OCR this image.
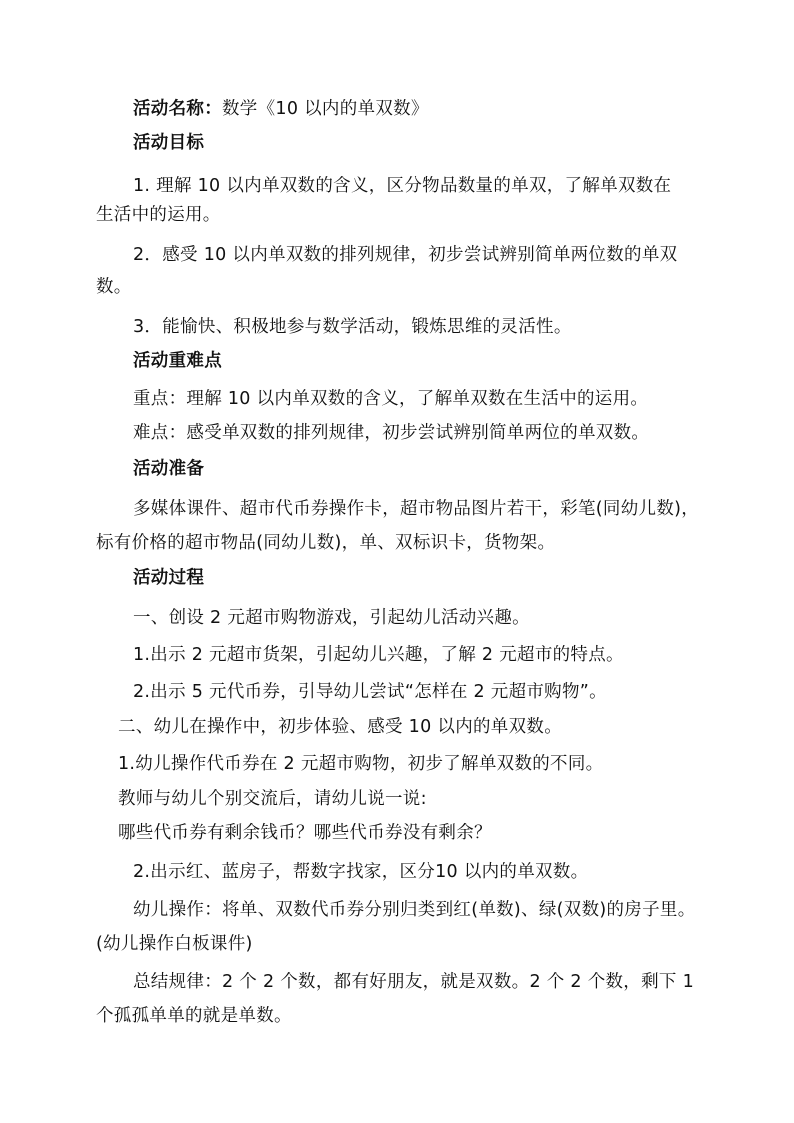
活动名称：数学《10 以内的单双数》

活动目标

1. 理解 10 以内单双数的含义，区分物品数量的单双，了解单双数在

生活中的运用。

2．感受 10 以内单双数的排列规律，初步尝试辨别简单两位数的单双

数。

3．能愉快、积极地参与数学活动，锻炼思维的灵活性。

活动重难点

重点：理解 10 以内单双数的含义，了解单双数在生活中的运用。

难点：感受单双数的排列规律，初步尝试辨别简单两位的单双数。

活动准备

多媒体课件、超市代币券操作卡，超市物品图片若干，彩笔(同幼儿数)，

标有价格的超市物品(同幼儿数)，单、双标识卡，货物架。

活动过程

一、创设 2 元超市购物游戏，引起幼儿活动兴趣。

1.出示 2 元超市货架，引起幼儿兴趣，了解 2 元超市的特点。

2.出示 5 元代币券，引导幼儿尝试“怎样在 2 元超市购物”。

二、幼儿在操作中，初步体验、感受 10 以内的单双数。

1.幼儿操作代币券在 2 元超市购物，初步了解单双数的不同。

教师与幼儿个别交流后，请幼儿说一说:

哪些代币券有剩余钱币？哪些代币券没有剩余？

2.出示红、蓝房子，帮数字找家，区分10 以内的单双数。

幼儿操作：将单、双数代币券分别归类到红(单数)、绿(双数)的房子里。

(幼儿操作白板课件)

总结规律：2 个 2 个数，都有好朋友，就是双数。2 个 2 个数，剩下 1

个孤孤单单的就是单数。
